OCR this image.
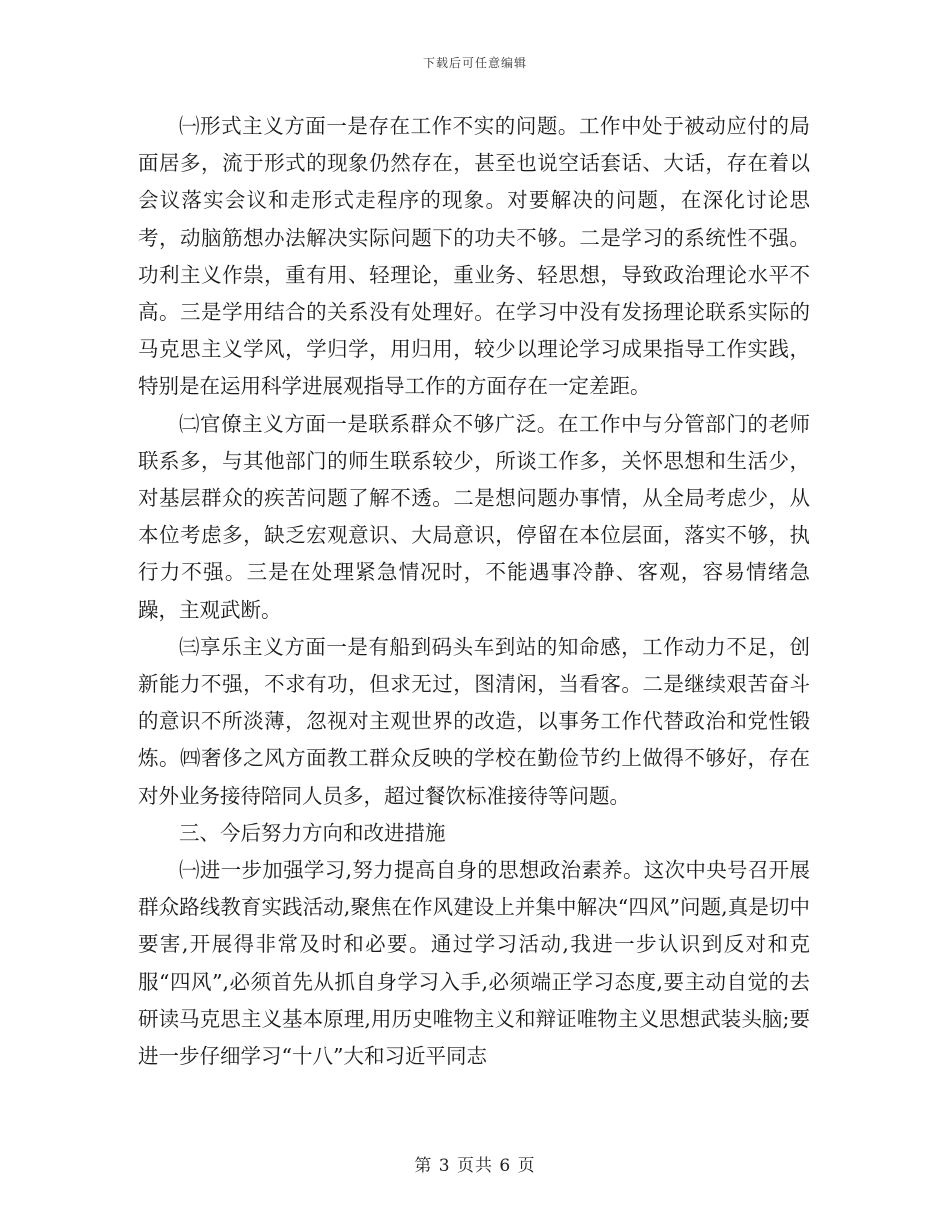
下载后可任意编辑

㈠形式主义方面一是存在工作不实的问题。工作中处于被动应付的局面居多，流于形式的现象仍然存在，甚至也说空话套话、大话，存在着以会议落实会议和走形式走程序的现象。对要解决的问题，在深化讨论思考，动脑筋想办法解决实际问题下的功夫不够。二是学习的系统性不强。功利主义作祟，重有用、轻理论，重业务、轻思想，导致政治理论水平不高。三是学用结合的关系没有处理好。在学习中没有发扬理论联系实际的马克思主义学风，学归学，用归用，较少以理论学习成果指导工作实践，特别是在运用科学进展观指导工作的方面存在一定差距。

㈡官僚主义方面一是联系群众不够广泛。在工作中与分管部门的老师联系多，与其他部门的师生联系较少，所谈工作多，关怀思想和生活少，对基层群众的疾苦问题了解不透。二是想问题办事情，从全局考虑少，从本位考虑多，缺乏宏观意识、大局意识，停留在本位层面，落实不够，执行力不强。三是在处理紧急情况时，不能遇事冷静、客观，容易情绪急躁，主观武断。

㈢享乐主义方面一是有船到码头车到站的知命感，工作动力不足，创新能力不强，不求有功，但求无过，图清闲，当看客。二是继续艰苦奋斗的意识不所淡薄，忽视对主观世界的改造，以事务工作代替政治和党性锻炼。㈣奢侈之风方面教工群众反映的学校在勤俭节约上做得不够好，存在对外业务接待陪同人员多，超过餐饮标准接待等问题。

三、今后努力方向和改进措施

㈠进一步加强学习,努力提高自身的思想政治素养。这次中央号召开展群众路线教育实践活动,聚焦在作风建设上并集中解决“四风”问题,真是切中要害,开展得非常及时和必要。通过学习活动,我进一步认识到反对和克服“四风”,必须首先从抓自身学习入手,必须端正学习态度,要主动自觉的去研读马克思主义基本原理,用历史唯物主义和辩证唯物主义思想武装头脑;要进一步仔细学习“十八”大和习近平同志

第 3 页共 6 页
